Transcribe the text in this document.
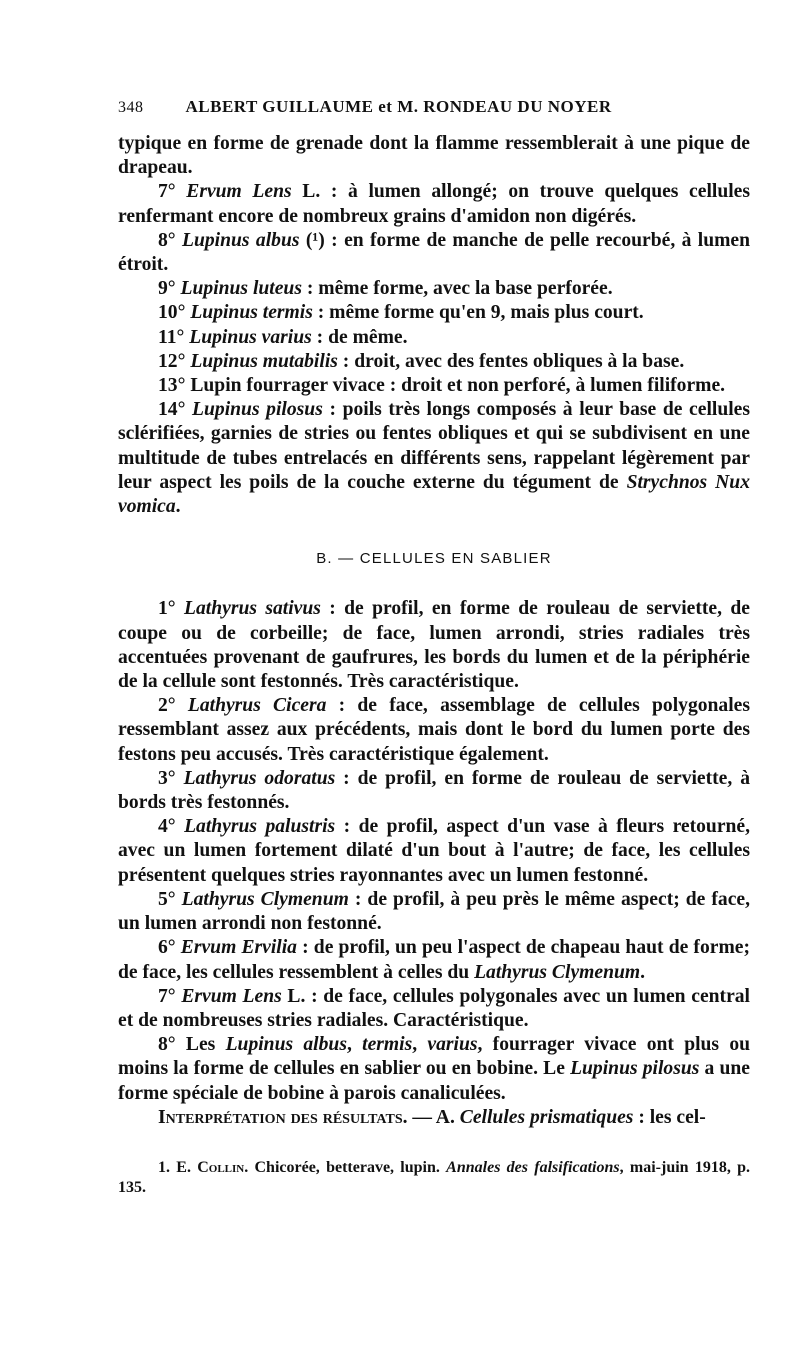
348 ALBERT GUILLAUME et M. RONDEAU DU NOYER

typique en forme de grenade dont la flamme ressemblerait à une pique de drapeau.

7° Ervum Lens L. : à lumen allongé; on trouve quelques cellules renfermant encore de nombreux grains d'amidon non digérés.

8° Lupinus albus (¹) : en forme de manche de pelle recourbé, à lumen étroit.

9° Lupinus luteus : même forme, avec la base perforée.

10° Lupinus termis : même forme qu'en 9, mais plus court.

11° Lupinus varius : de même.

12° Lupinus mutabilis : droit, avec des fentes obliques à la base.

13° Lupin fourrager vivace : droit et non perforé, à lumen filiforme.

14° Lupinus pilosus : poils très longs composés à leur base de cellules sclérifiées, garnies de stries ou fentes obliques et qui se subdivisent en une multitude de tubes entrelacés en différents sens, rappelant légèrement par leur aspect les poils de la couche externe du tégument de Strychnos Nux vomica.

B. — CELLULES EN SABLIER

1° Lathyrus sativus : de profil, en forme de rouleau de serviette, de coupe ou de corbeille; de face, lumen arrondi, stries radiales très accentuées provenant de gaufrures, les bords du lumen et de la périphérie de la cellule sont festonnés. Très caractéristique.

2° Lathyrus Cicera : de face, assemblage de cellules polygonales ressemblant assez aux précédents, mais dont le bord du lumen porte des festons peu accusés. Très caractéristique également.

3° Lathyrus odoratus : de profil, en forme de rouleau de serviette, à bords très festonnés.

4° Lathyrus palustris : de profil, aspect d'un vase à fleurs retourné, avec un lumen fortement dilaté d'un bout à l'autre; de face, les cellules présentent quelques stries rayonnantes avec un lumen festonné.

5° Lathyrus Clymenum : de profil, à peu près le même aspect; de face, un lumen arrondi non festonné.

6° Ervum Ervilia : de profil, un peu l'aspect de chapeau haut de forme; de face, les cellules ressemblent à celles du Lathyrus Clymenum.

7° Ervum Lens L. : de face, cellules polygonales avec un lumen central et de nombreuses stries radiales. Caractéristique.

8° Les Lupinus albus, termis, varius, fourrager vivace ont plus ou moins la forme de cellules en sablier ou en bobine. Le Lupinus pilosus a une forme spéciale de bobine à parois canaliculées.

Interprétation des résultats. — A. Cellules prismatiques : les cel-

1. E. Collin. Chicorée, betterave, lupin. Annales des falsifications, mai-juin 1918, p. 135.
